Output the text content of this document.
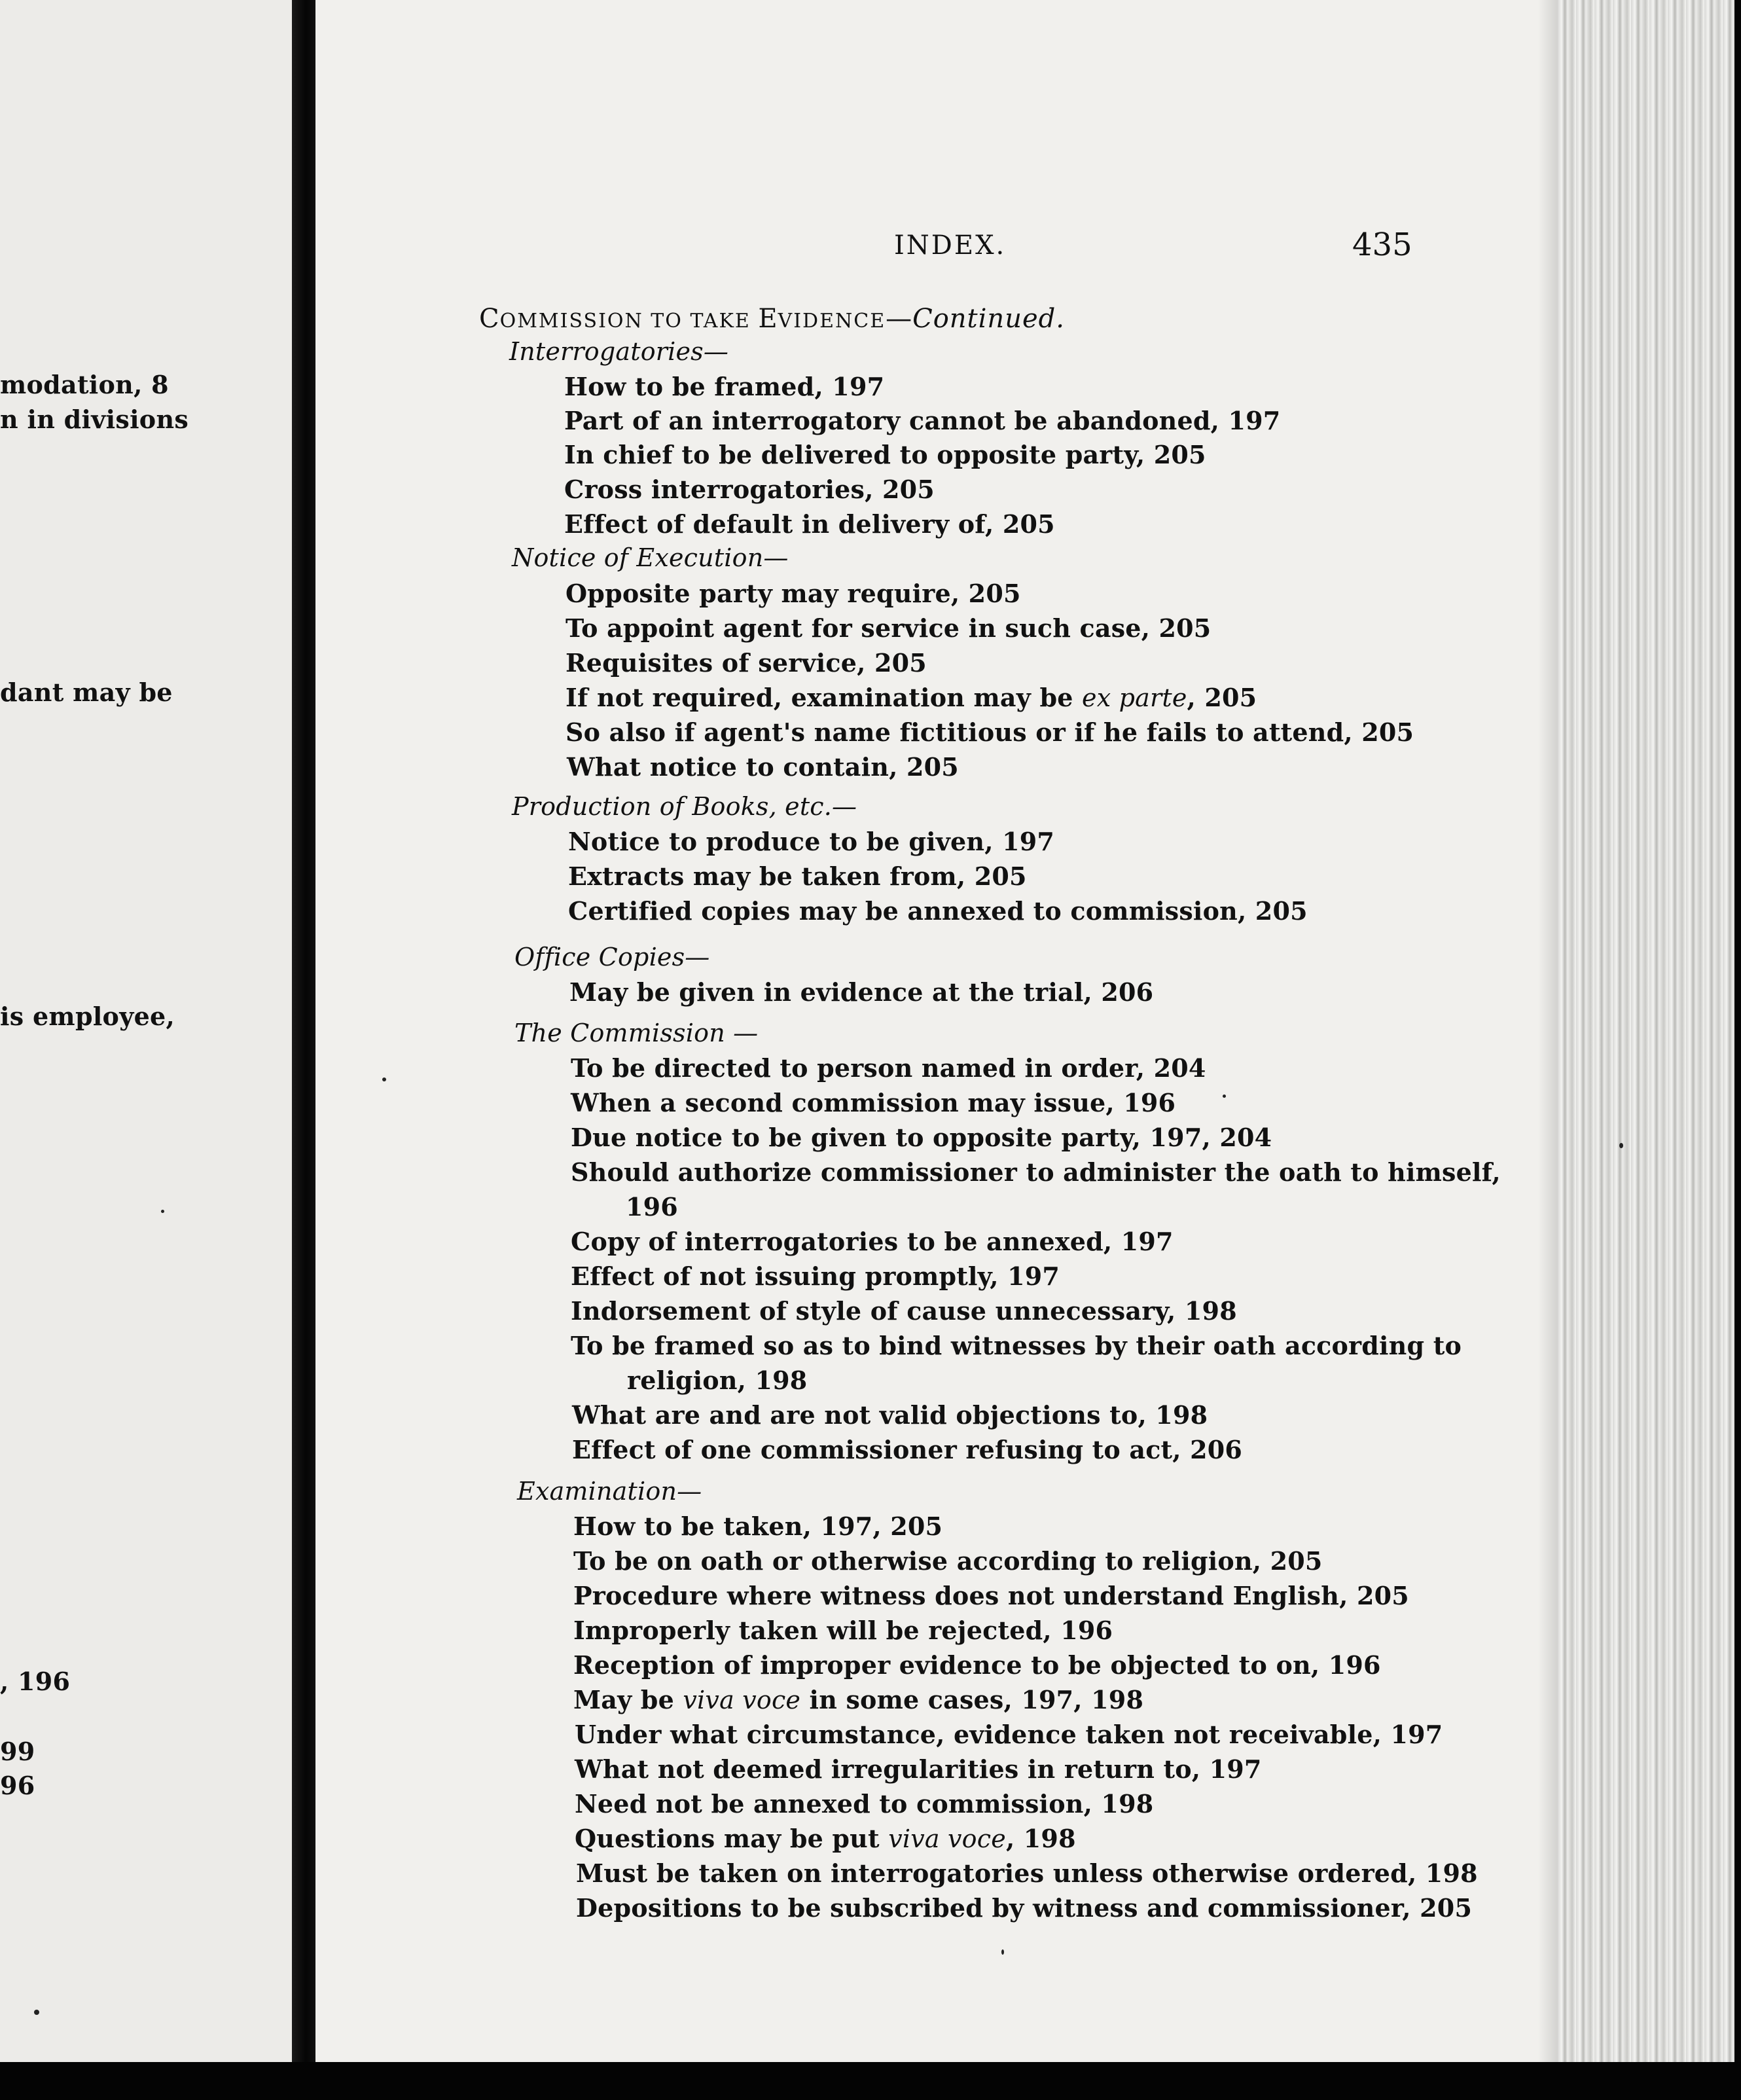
modation, 8
n in divisions
dant may be
is employee,
, 196
99
96
INDEX.	435
COMMISSION TO TAKE EVIDENCE—Continued.
Interrogatories—
How to be framed, 197
Part of an interrogatory cannot be abandoned, 197
In chief to be delivered to opposite party, 205
Cross interrogatories, 205
Effect of default in delivery of, 205
Notice of Execution—
Opposite party may require, 205
To appoint agent for service in such case, 205
Requisites of service, 205
If not required, examination may be ex parte, 205
So also if agent's name fictitious or if he fails to attend, 205
What notice to contain, 205
Production of Books, etc.—
Notice to produce to be given, 197
Extracts may be taken from, 205
Certified copies may be annexed to commission, 205
Office Copies—
May be given in evidence at the trial, 206
The Commission —
To be directed to person named in order, 204
When a second commission may issue, 196
Due notice to be given to opposite party, 197, 204
Should authorize commissioner to administer the oath to himself,
196
Copy of interrogatories to be annexed, 197
Effect of not issuing promptly, 197
Indorsement of style of cause unnecessary, 198
To be framed so as to bind witnesses by their oath according to
religion, 198
What are and are not valid objections to, 198
Effect of one commissioner refusing to act, 206
Examination—
How to be taken, 197, 205
To be on oath or otherwise according to religion, 205
Procedure where witness does not understand English, 205
Improperly taken will be rejected, 196
Reception of improper evidence to be objected to on, 196
May be viva voce in some cases, 197, 198
Under what circumstance, evidence taken not receivable, 197
What not deemed irregularities in return to, 197
Need not be annexed to commission, 198
Questions may be put viva voce, 198
Must be taken on interrogatories unless otherwise ordered, 198
Depositions to be subscribed by witness and commissioner, 205
